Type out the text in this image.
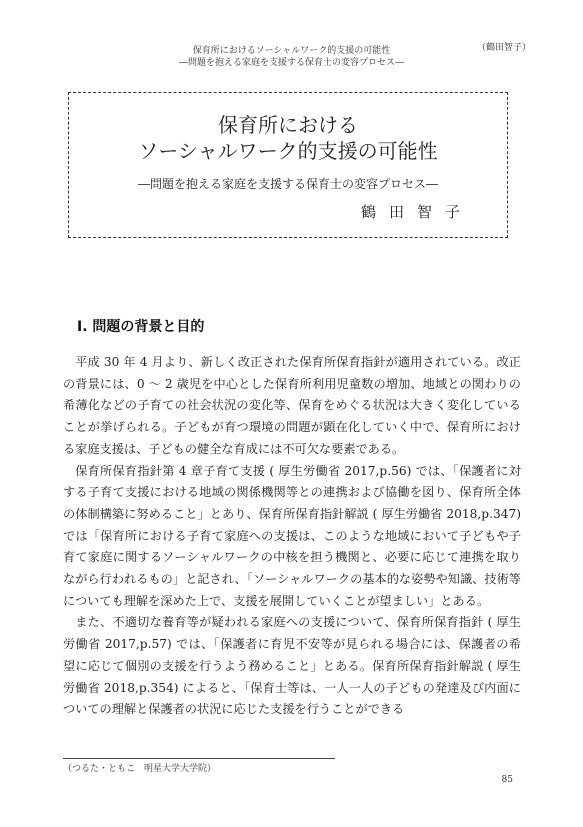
（鶴田智子）
保育所におけるソーシャルワーク的支援の可能性
―問題を抱える家庭を支援する保育士の変容プロセス―
保育所における
ソーシャルワーク的支援の可能性
―問題を抱える家庭を支援する保育士の変容プロセス―
鶴田智子
Ⅰ. 問題の背景と目的

平成 30 年 4 月より、新しく改正された保育所保育指針が適用されている。改正の背景には、0 ～ 2 歳児を中心とした保育所利用児童数の増加、地域との関わりの希薄化などの子育ての社会状況の変化等、保育をめぐる状況は大きく変化していることが挙げられる。子どもが育つ環境の問題が顕在化していく中で、保育所における家庭支援は、子どもの健全な育成には不可欠な要素である。

保育所保育指針第 4 章子育て支援 ( 厚生労働省 2017,p.56) では、「保護者に対する子育て支援における地域の関係機関等との連携および協働を図り、保育所全体の体制構築に努めること」とあり、保育所保育指針解説 ( 厚生労働省 2018,p.347) では「保育所における子育て家庭への支援は、このような地域において子どもや子育て家庭に関するソーシャルワークの中核を担う機関と、必要に応じて連携を取りながら行われるもの」と記され、「ソーシャルワークの基本的な姿勢や知識、技術等についても理解を深めた上で、支援を展開していくことが望ましい」とある。

また、不適切な養育等が疑われる家庭への支援について、保育所保育指針 ( 厚生労働省 2017,p.57) では、「保護者に育児不安等が見られる場合には、保護者の希望に応じて個別の支援を行うよう務めること」とある。保育所保育指針解説 ( 厚生労働省 2018,p.354) によると、「保育士等は、一人一人の子どもの発達及び内面についての理解と保護者の状況に応じた支援を行うことができる

（つるた・ともこ　明星大学大学院）
85
